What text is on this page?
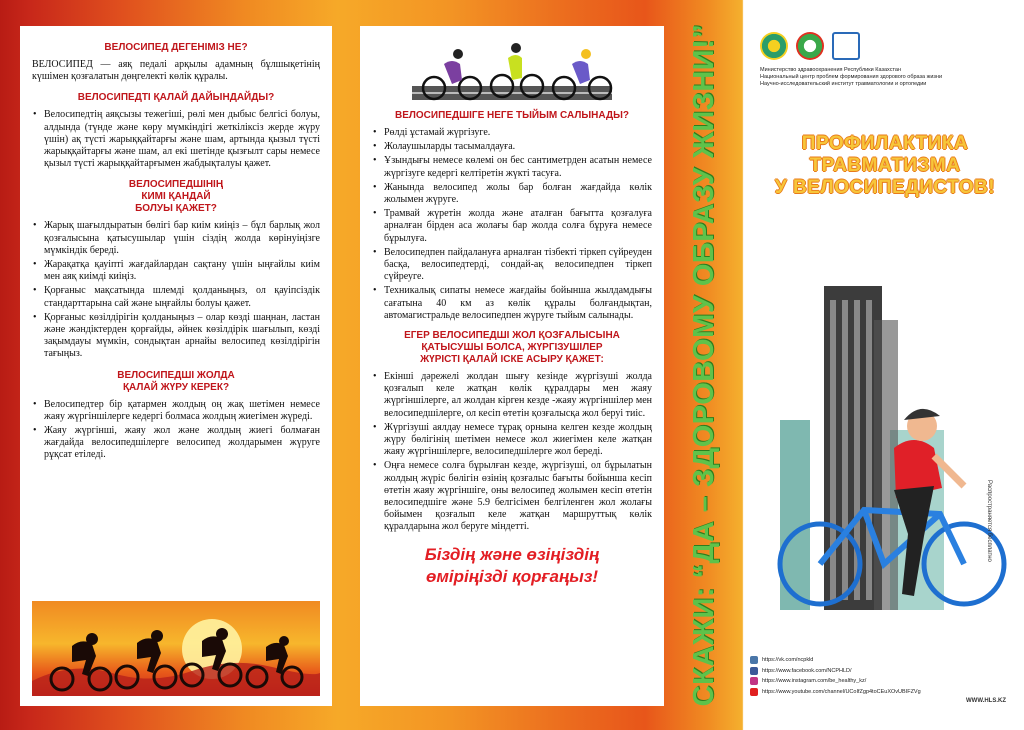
ВЕЛОСИПЕД ДЕГЕНІМІЗ НЕ?
ВЕЛОСИПЕД — аяқ педалі арқылы адамның бұлшықетінің күшімен қозғалатын дөңгелекті көлік құралы.
ВЕЛОСИПЕДТІ ҚАЛАЙ ДАЙЫНДАЙДЫ?
• Велосипедтің аяқсызы тежегіші, рөлі мен дыбыс белгісі болуы, алдында (түнде және көру мүмкіндігі жеткіліксіз жерде жүру үшін) ақ түсті жарыққайтарғы және шам, артында қызыл түсті жарыққайтарғы және шам, ал екі шетінде қызғылт сары немесе қызыл түсті жарыққайтарғымен жабдықталуы қажет.
ВЕЛОСИПЕДШІНІҢ
КИМІ ҚАНДАЙ
БОЛУЫ ҚАЖЕТ?
• Жарық шағылдыратын бөлігі бар киім киіңіз – бұл барлық жол қозғалысына қатысушылар үшін сіздің жолда көрінуіңізге мүмкіндік береді.
• Жарақатқа қауіпті жағдайлардан сақтану үшін ыңғайлы киім мен аяқ киімді киіңіз.
• Қорғаныс мақсатында шлемді қолданыңыз, ол қауіпсіздік стандарттарына сай және ыңғайлы болуы қажет.
• Қорғаныс көзілдірігін қолданыңыз – олар көзді шаңнан, ластан және жәндіктерден қорғайды, әйнек көзілдірік шағылып, көзді зақымдауы мүмкін, сондықтан арнайы велосипед көзілдірігін тағыңыз.
ВЕЛОСИПЕДШІ ЖОЛДА
ҚАЛАЙ ЖҮРУ КЕРЕК?
• Велосипедтер бір қатармен жолдың оң жақ шетімен немесе жаяу жүргіншілерге кедергі болмаса жолдың жиегімен жүреді.
• Жаяу жүргінші, жаяу жол және жолдың жиегі болмаған жағдайда велосипедшілерге велосипед жолдарымен жүруге рұқсат етіледі.
ВЕЛОСИПЕДШІГЕ НЕГЕ ТЫЙЫМ САЛЫНАДЫ?
• Рөлді ұстамай жүргізуге.
• Жолаушыларды тасымалдауға.
• Ұзындығы немесе көлемі он бес сантиметрден асатын немесе жүргізуге кедергі келтіретін жүкті тасуға.
• Жанында велосипед жолы бар болған жағдайда көлік жолымен жүруге.
• Трамвай жүретін жолда және аталған бағытта қозғалуға арналған бірден аса жолағы бар жолда солға бұруға немесе бұрылуға.
• Велосипедпен пайдалануға арналған тізбекті тіркеп сүйреуден басқа, велосипедтерді, сондай-ақ велосипедпен тіркеп сүйреуге.
• Техникалық сипаты немесе жағдайы бойынша жылдамдығы сағатына 40 км аз көлік құралы болғандықтан, автомагистральде велосипедпен жүруге тыйым салынады.
ЕГЕР ВЕЛОСИПЕДШІ ЖОЛ ҚОЗҒАЛЫСЫНА
ҚАТЫСУШЫ БОЛСА, ЖҮРГІЗУШІЛЕР
ЖҮРІСТІ ҚАЛАЙ ІСКЕ АСЫРУ ҚАЖЕТ:
• Екінші дәрежелі жолдан шығу кезінде жүргізуші жолда қозғалып келе жатқан көлік құралдары мен жаяу жүргіншілерге, ал жолдан кірген кезде -жаяу жүргіншілер мен велосипедшілерге, ол кесіп өтетін қозғалысқа жол беруі тиіс.
• Жүргізуші аялдау немесе тұрақ орнына келген кезде жолдың жүру бөлігінің шетімен немесе жол жиегімен келе жатқан жаяу жүргіншілерге, велосипедшілерге жол береді.
• Оңға немесе солға бұрылған кезде, жүргізуші, ол бұрылатын жолдың жүріс бөлігін өзінің қозғалыс бағыты бойынша кесіп өтетін жаяу жүргіншіге, оны велосипед жолымен кесіп өтетін велосипедшіге және 5.9 белгісімен белгіленген жол жолағы бойымен қозғалып келе жатқан маршруттық көлік құралдарына жол беруге міндетті.
Біздің және өзіңіздің
өміріңізді қорғаңыз!	СКАЖИ: “ДА – ЗДОРОВОМУ ОБРАЗУ ЖИЗНИ!”	Министерство здравоохранения Республики Казахстан
Национальный центр проблем формирования здорового образа жизни
Научно-исследовательский институт травматологии и ортопедии
ПРОФИЛАКТИКА
ТРАВМАТИЗМА
У ВЕЛОСИПЕДИСТОВ!
Распространяется бесплатно
https://vk.com/ncpkld
https://www.facebook.com/NCPHLD/
https://www.instagram.com/be_healthy_kz/
https://www.youtube.com/channel/UCoIfZgp4toCEuXOvUBIFZVg
WWW.HLS.KZ
